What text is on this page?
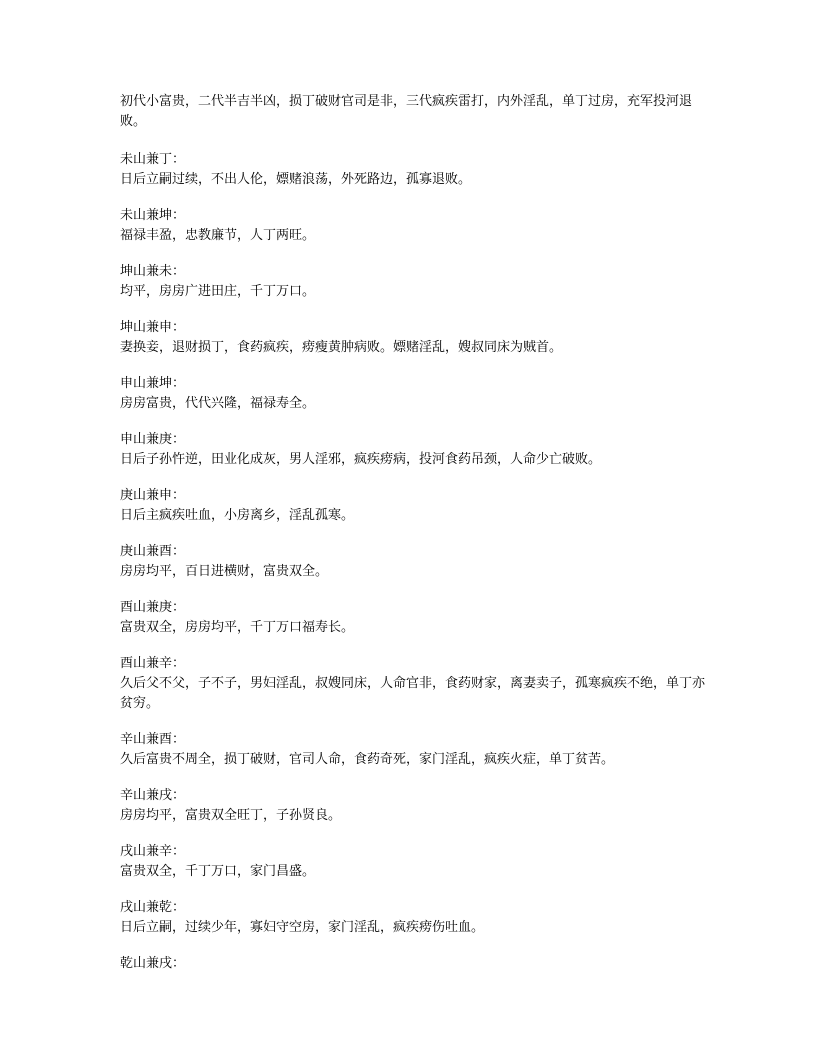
初代小富贵，二代半吉半凶，损丁破财官司是非，三代疯疾雷打，内外淫乱，单丁过房，充军投河退败。

未山兼丁：

日后立嗣过续，不出人伦，嫖赌浪荡，外死路边，孤寡退败。

未山兼坤：

福禄丰盈，忠教廉节，人丁两旺。

坤山兼未：

均平，房房广进田庄，千丁万口。

坤山兼申：

妻换妾，退财损丁，食药疯疾，痨瘦黄肿病败。嫖赌淫乱，嫂叔同床为贼首。

申山兼坤：

房房富贵，代代兴隆，福禄寿全。

申山兼庚：

日后子孙忤逆，田业化成灰，男人淫邪，疯疾痨病，投河食药吊颈，人命少亡破败。

庚山兼申：

日后主疯疾吐血，小房离乡，淫乱孤寒。

庚山兼酉：

房房均平，百日进横财，富贵双全。

酉山兼庚：

富贵双全，房房均平，千丁万口福寿长。

酉山兼辛：

久后父不父，子不子，男妇淫乱，叔嫂同床，人命官非，食药财家，离妻卖子，孤寒疯疾不绝，单丁亦贫穷。

辛山兼酉：

久后富贵不周全，损丁破财，官司人命，食药奇死，家门淫乱，疯疾火症，单丁贫苦。

辛山兼戌：

房房均平，富贵双全旺丁，子孙贤良。

戌山兼辛：

富贵双全，千丁万口，家门昌盛。

戌山兼乾：

日后立嗣，过续少年，寡妇守空房，家门淫乱，疯疾痨伤吐血。

乾山兼戌：
